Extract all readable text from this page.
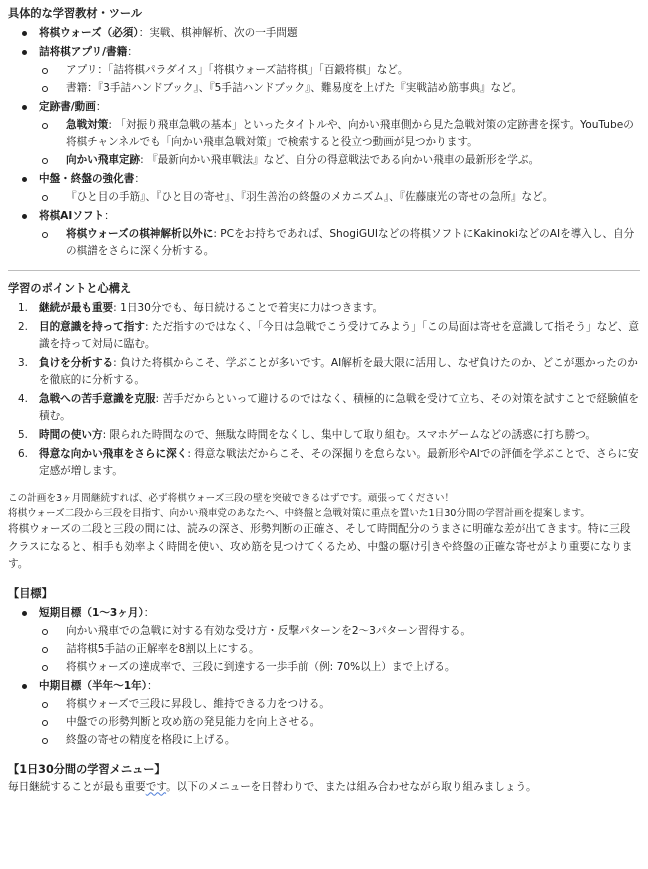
具体的な学習教材・ツール

将棋ウォーズ（必須）：実戦、棋神解析、次の一手問題
詰将棋アプリ/書籍：
アプリ：「詰将棋パラダイス」「将棋ウォーズ詰将棋」「百鍛将棋」など。
書籍：『3手詰ハンドブック』、『5手詰ハンドブック』、難易度を上げた『実戦詰め筋事典』など。
定跡書/動画：
急戦対策: 「対振り飛車急戦の基本」といったタイトルや、向かい飛車側から見た急戦対策の定跡書を探す。YouTubeの将棋チャンネルでも「向かい飛車急戦対策」で検索すると役立つ動画が見つかります。
向かい飛車定跡: 『最新向かい飛車戦法』など、自分の得意戦法である向かい飛車の最新形を学ぶ。
中盤・終盤の強化書：
『ひと目の手筋』、『ひと目の寄せ』、『羽生善治の終盤のメカニズム』、『佐藤康光の寄せの急所』など。
将棋AIソフト：
将棋ウォーズの棋神解析以外に: PCをお持ちであれば、ShogiGUIなどの将棋ソフトにKakinokiなどのAIを導入し、自分の棋譜をさらに深く分析する。

学習のポイントと心構え

1. 継続が最も重要: 1日30分でも、毎日続けることで着実に力はつきます。
2. 目的意識を持って指す: ただ指すのではなく、「今日は急戦でこう受けてみよう」「この局面は寄せを意識して指そう」など、意識を持って対局に臨む。
3. 負けを分析する: 負けた将棋からこそ、学ぶことが多いです。AI解析を最大限に活用し、なぜ負けたのか、どこが悪かったのかを徹底的に分析する。
4. 急戦への苦手意識を克服: 苦手だからといって避けるのではなく、積極的に急戦を受けて立ち、その対策を試すことで経験値を積む。
5. 時間の使い方: 限られた時間なので、無駄な時間をなくし、集中して取り組む。スマホゲームなどの誘惑に打ち勝つ。
6. 得意な向かい飛車をさらに深く: 得意な戦法だからこそ、その深掘りを怠らない。最新形やAIでの評価を学ぶことで、さらに安定感が増します。
この計画を3ヶ月間継続すれば、必ず将棋ウォーズ三段の壁を突破できるはずです。頑張ってください！
将棋ウォーズ二段から三段を目指す、向かい飛車党のあなたへ、中終盤と急戦対策に重点を置いた1日30分間の学習計画を提案します。
将棋ウォーズの二段と三段の間には、読みの深さ、形勢判断の正確さ、そして時間配分のうまさに明確な差が出てきます。特に三段クラスになると、相手も効率よく時間を使い、攻め筋を見つけてくるため、中盤の駆け引きや終盤の正確な寄せがより重要になります。

【目標】

短期目標（1〜3ヶ月）：
向かい飛車での急戦に対する有効な受け方・反撃パターンを2〜3パターン習得する。
詰将棋5手詰の正解率を8割以上にする。
将棋ウォーズの達成率で、三段に到達する一歩手前（例: 70%以上）まで上げる。
中期目標（半年〜1年）：
将棋ウォーズで三段に昇段し、維持できる力をつける。
中盤での形勢判断と攻め筋の発見能力を向上させる。
終盤の寄せの精度を格段に上げる。

【1日30分間の学習メニュー】

毎日継続することが最も重要です。以下のメニューを日替わりで、または組み合わせながら取り組みましょう。
